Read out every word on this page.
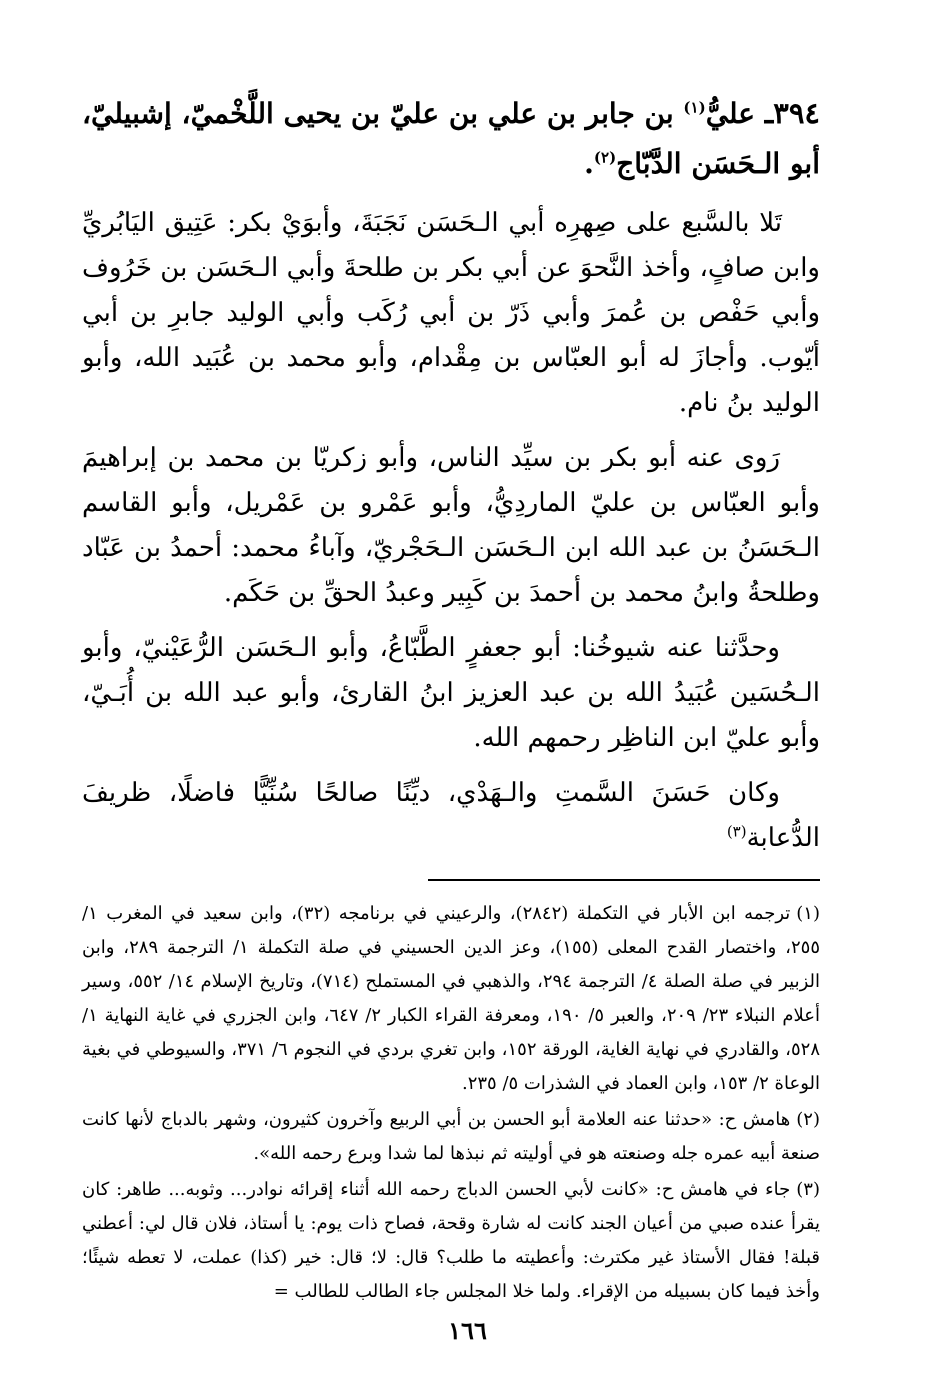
٣٩٤ـ عليُّ$^{(١)}$ بن جابر بن علي بن عليّ بن يحيى اللَّخْميّ، إشبيليّ، أبو الـحَسَن الدَّبّاج$^{(٢)}$.

تَلا بالسَّبع على صِهرِه أبي الـحَسَن نَجَبَةَ، وأبوَيْ بكر: عَتِيق اليَابُريِّ وابن صافٍ، وأخذ النَّحوَ عن أبي بكر بن طلحةَ وأبي الـحَسَن بن خَرُوف وأبي حَفْص بن عُمرَ وأبي ذَرّ بن أبي رُكَب وأبي الوليد جابرِ بن أبي أيّوب. وأجازَ له أبو العبّاس بن مِقْدام، وأبو محمد بن عُبَيد الله، وأبو الوليد بنُ نام.

رَوى عنه أبو بكر بن سيِّد الناس، وأبو زكريّا بن محمد بن إبراهيمَ وأبو العبّاس بن عليّ الماردِيُّ، وأبو عَمْرو بن عَمْريل، وأبو القاسم الـحَسَنُ بن عبد الله ابن الـحَسَن الـحَجْريّ، وآباءُ محمد: أحمدُ بن عَبّاد وطلحةُ وابنُ محمد بن أحمدَ بن كَبِير وعبدُ الحقِّ بن حَكَم.

وحدَّثنا عنه شيوخُنا: أبو جعفرٍ الطَّبّاعُ، وأبو الـحَسَن الرُّعَيْنيّ، وأبو الـحُسَين عُبَيدُ الله بن عبد العزيز ابنُ القارئ، وأبو عبد الله بن أُبَـيّ، وأبو عليّ ابن الناظِر رحمهم الله.

وكان حَسَنَ السَّمتِ والـهَدْي، ديِّنًا صالحًا سُنِّيًّا فاضلًا، ظريفَ الدُّعابة$^{(٣)}$

(١)ترجمه ابن الأبار في التكملة (٢٨٤٢)، والرعيني في برنامجه (٣٢)، وابن سعيد في المغرب ١/ ٢٥٥، واختصار القدح المعلى (١٥٥)، وعز الدين الحسيني في صلة التكملة ١/ الترجمة ٢٨٩، وابن الزبير في صلة الصلة ٤/ الترجمة ٢٩٤، والذهبي في المستملح (٧١٤)، وتاريخ الإسلام ١٤/ ٥٥٢، وسير أعلام النبلاء ٢٣/ ٢٠٩، والعبر ٥/ ١٩٠، ومعرفة القراء الكبار ٢/ ٦٤٧، وابن الجزري في غاية النهاية ١/ ٥٢٨، والقادري في نهاية الغاية، الورقة ١٥٢، وابن تغري بردي في النجوم ٦/ ٣٧١، والسيوطي في بغية الوعاة ٢/ ١٥٣، وابن العماد في الشذرات ٥/ ٢٣٥.

(٢)هامش ح: «حدثنا عنه العلامة أبو الحسن بن أبي الربيع وآخرون كثيرون، وشهر بالدباج لأنها كانت صنعة أبيه عمره جله وصنعته هو في أوليته ثم نبذها لما شدا وبرع رحمه الله».

(٣)جاء في هامش ح: «كانت لأبي الحسن الدباج رحمه الله أثناء إقرائه نوادر... وثوبه... طاهر: كان يقرأ عنده صبي من أعيان الجند كانت له شارة وقحة، فصاح ذات يوم: يا أستاذ، فلان قال لي: أعطني قبلة! فقال الأستاذ غير مكترث: وأعطيته ما طلب؟ قال: لا؛ قال: خير (كذا) عملت، لا تعطه شيئًا؛ وأخذ فيما كان بسبيله من الإقراء. ولما خلا المجلس جاء الطالب للطالب =

١٦٦
